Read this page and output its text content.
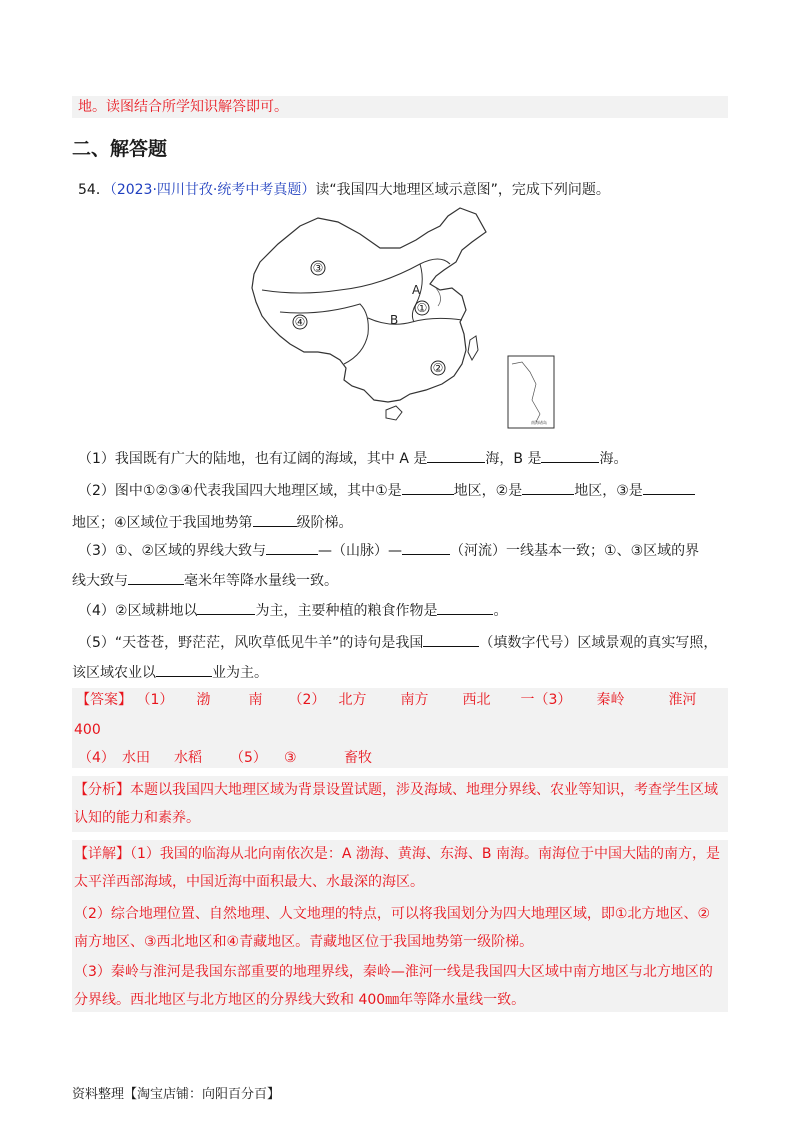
地。读图结合所学知识解答即可。
二、解答题
54．（2023·四川甘孜·统考中考真题）读“我国四大地理区域示意图”，完成下列问题。
③
④
①
②
A
B
南海诸岛
（1）我国既有广大的陆地，也有辽阔的海域，其中 A 是	海，B 是	海。
（2）图中①②③④代表我国四大地理区域，其中①是	地区，②是	地区，③是
地区；④区域位于我国地势第	级阶梯。
（3）①、②区域的界线大致与	—（山脉）—	（河流）一线基本一致；①、③区域的界
线大致与	毫米年等降水量线一致。
（4）②区域耕地以	为主，主要种植的粮食作物是	。
（5）“天苍苍，野茫茫，风吹草低见牛羊”的诗句是我国	（填数字代号）区域景观的真实写照，
该区域农业以	业为主。
【答案】 （1） 渤	南 （2） 北方 南方 西北 一（3） 秦岭	淮河
400
（4） 水田 水稻 （5） ③	畜牧
【分析】本题以我国四大地理区域为背景设置试题，涉及海域、地理分界线、农业等知识，考查学生区域
认知的能力和素养。
【详解】（1）我国的临海从北向南依次是：A 渤海、黄海、东海、B 南海。南海位于中国大陆的南方，是
太平洋西部海域，中国近海中面积最大、水最深的海区。
（2）综合地理位置、自然地理、人文地理的特点，可以将我国划分为四大地理区域，即①北方地区、②
南方地区、③西北地区和④青藏地区。青藏地区位于我国地势第一级阶梯。
（3）秦岭与淮河是我国东部重要的地理界线，秦岭—淮河一线是我国四大区域中南方地区与北方地区的
分界线。西北地区与北方地区的分界线大致和 400㎜年等降水量线一致。
资料整理【淘宝店铺：向阳百分百】
